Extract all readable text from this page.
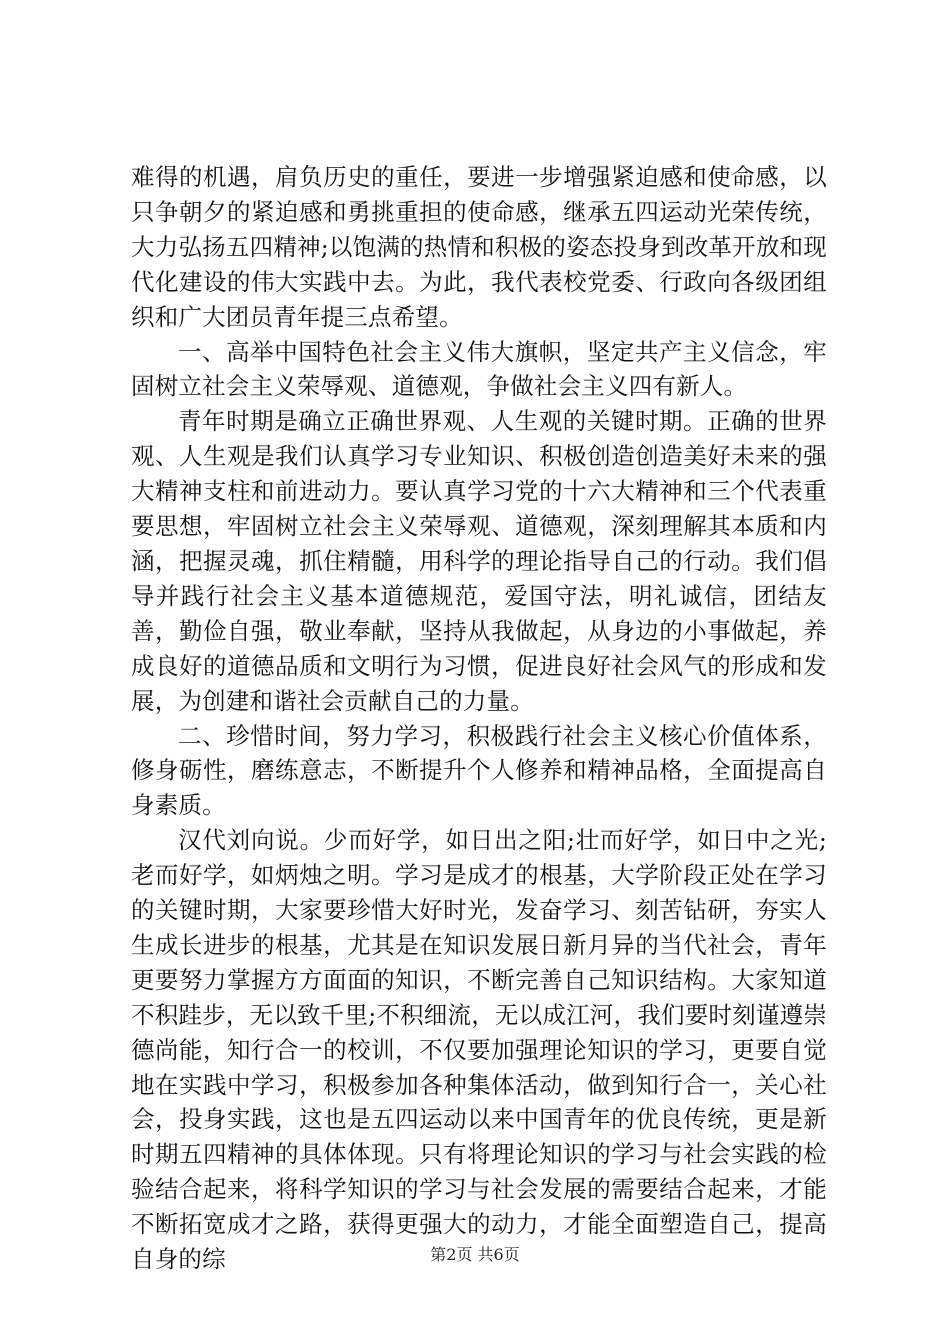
难得的机遇，肩负历史的重任，要进一步增强紧迫感和使命感，以只争朝夕的紧迫感和勇挑重担的使命感，继承五四运动光荣传统，大力弘扬五四精神;以饱满的热情和积极的姿态投身到改革开放和现代化建设的伟大实践中去。为此，我代表校党委、行政向各级团组织和广大团员青年提三点希望。

一、高举中国特色社会主义伟大旗帜，坚定共产主义信念，牢固树立社会主义荣辱观、道德观，争做社会主义四有新人。

青年时期是确立正确世界观、人生观的关键时期。正确的世界观、人生观是我们认真学习专业知识、积极创造创造美好未来的强大精神支柱和前进动力。要认真学习党的十六大精神和三个代表重要思想，牢固树立社会主义荣辱观、道德观，深刻理解其本质和内涵，把握灵魂，抓住精髓，用科学的理论指导自己的行动。我们倡导并践行社会主义基本道德规范，爱国守法，明礼诚信，团结友善，勤俭自强，敬业奉献，坚持从我做起，从身边的小事做起，养成良好的道德品质和文明行为习惯，促进良好社会风气的形成和发展，为创建和谐社会贡献自己的力量。

二、珍惜时间，努力学习，积极践行社会主义核心价值体系，修身砺性，磨练意志，不断提升个人修养和精神品格，全面提高自身素质。

汉代刘向说。少而好学，如日出之阳;壮而好学，如日中之光;老而好学，如炳烛之明。学习是成才的根基，大学阶段正处在学习的关键时期，大家要珍惜大好时光，发奋学习、刻苦钻研，夯实人生成长进步的根基，尤其是在知识发展日新月异的当代社会，青年更要努力掌握方方面面的知识，不断完善自己知识结构。大家知道不积跬步，无以致千里;不积细流，无以成江河，我们要时刻谨遵崇德尚能，知行合一的校训，不仅要加强理论知识的学习，更要自觉地在实践中学习，积极参加各种集体活动，做到知行合一，关心社会，投身实践，这也是五四运动以来中国青年的优良传统，更是新时期五四精神的具体体现。只有将理论知识的学习与社会实践的检验结合起来，将科学知识的学习与社会发展的需要结合起来，才能不断拓宽成才之路，获得更强大的动力，才能全面塑造自己，提高自身的综	第2页 共6页
